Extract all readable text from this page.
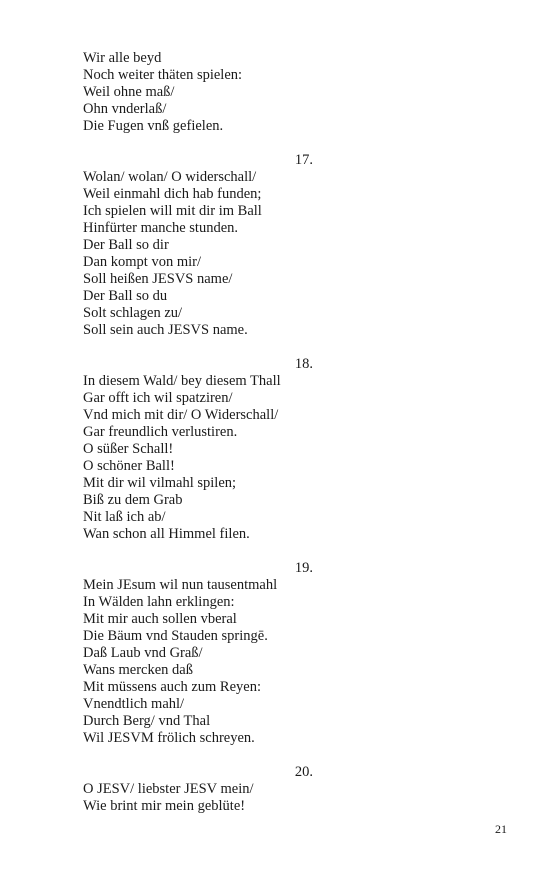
Wir alle beyd
Noch weiter thäten spielen:
Weil ohne maß/
Ohn vnderlaß/
Die Fugen vnß gefielen.
17.
Wolan/ wolan/ O widerschall/
Weil einmahl dich hab funden;
Ich spielen will mit dir im Ball
Hinfürter manche stunden.
Der Ball so dir
Dan kompt von mir/
Soll heißen JESVS name/
Der Ball so du
Solt schlagen zu/
Soll sein auch JESVS name.
18.
In diesem Wald/ bey diesem Thall
Gar offt ich wil spatziren/
Vnd mich mit dir/ O Widerschall/
Gar freundlich verlustiren.
O süßer Schall!
O schöner Ball!
Mit dir wil vilmahl spilen;
Biß zu dem Grab
Nit laß ich ab/
Wan schon all Himmel filen.
19.
Mein JEsum wil nun tausentmahl
In Wälden lahn erklingen:
Mit mir auch sollen vberal
Die Bäum vnd Stauden springē.
Daß Laub vnd Graß/
Wans mercken daß
Mit müssens auch zum Reyen:
Vnendtlich mahl/
Durch Berg/ vnd Thal
Wil JESVM frölich schreyen.
20.
O JESV/ liebster JESV mein/
Wie brint mir mein geblüte!
21
